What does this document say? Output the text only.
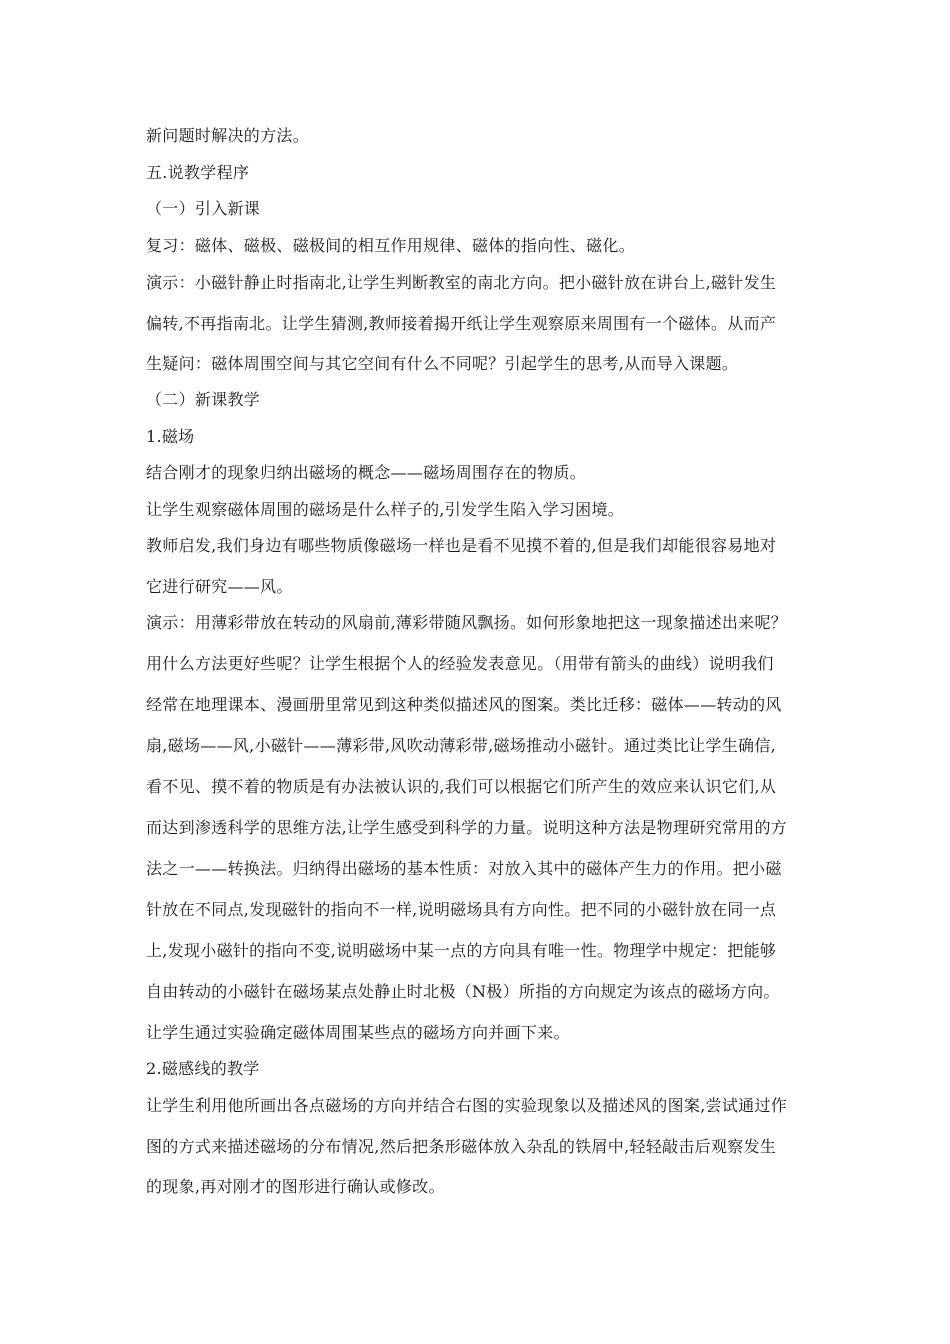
新问题时解决的方法。
五.说教学程序
（一）引入新课
复习：磁体、磁极、磁极间的相互作用规律、磁体的指向性、磁化。
演示：小磁针静止时指南北,让学生判断教室的南北方向。把小磁针放在讲台上,磁针发生
偏转,不再指南北。让学生猜测,教师接着揭开纸让学生观察原来周围有一个磁体。从而产
生疑问：磁体周围空间与其它空间有什么不同呢？引起学生的思考,从而导入课题。
（二）新课教学
1.磁场
结合刚才的现象归纳出磁场的概念——磁场周围存在的物质。
让学生观察磁体周围的磁场是什么样子的,引发学生陷入学习困境。
教师启发,我们身边有哪些物质像磁场一样也是看不见摸不着的,但是我们却能很容易地对
它进行研究——风。
演示：用薄彩带放在转动的风扇前,薄彩带随风飘扬。如何形象地把这一现象描述出来呢？
用什么方法更好些呢？让学生根据个人的经验发表意见。（用带有箭头的曲线）说明我们
经常在地理课本、漫画册里常见到这种类似描述风的图案。类比迁移：磁体——转动的风
扇,磁场——风,小磁针——薄彩带,风吹动薄彩带,磁场推动小磁针。通过类比让学生确信,
看不见、摸不着的物质是有办法被认识的,我们可以根据它们所产生的效应来认识它们,从
而达到渗透科学的思维方法,让学生感受到科学的力量。说明这种方法是物理研究常用的方
法之一——转换法。归纳得出磁场的基本性质：对放入其中的磁体产生力的作用。把小磁
针放在不同点,发现磁针的指向不一样,说明磁场具有方向性。把不同的小磁针放在同一点
上,发现小磁针的指向不变,说明磁场中某一点的方向具有唯一性。物理学中规定：把能够
自由转动的小磁针在磁场某点处静止时北极（N极）所指的方向规定为该点的磁场方向。
让学生通过实验确定磁体周围某些点的磁场方向并画下来。
2.磁感线的教学
让学生利用他所画出各点磁场的方向并结合右图的实验现象以及描述风的图案,尝试通过作
图的方式来描述磁场的分布情况,然后把条形磁体放入杂乱的铁屑中,轻轻敲击后观察发生
的现象,再对刚才的图形进行确认或修改。
